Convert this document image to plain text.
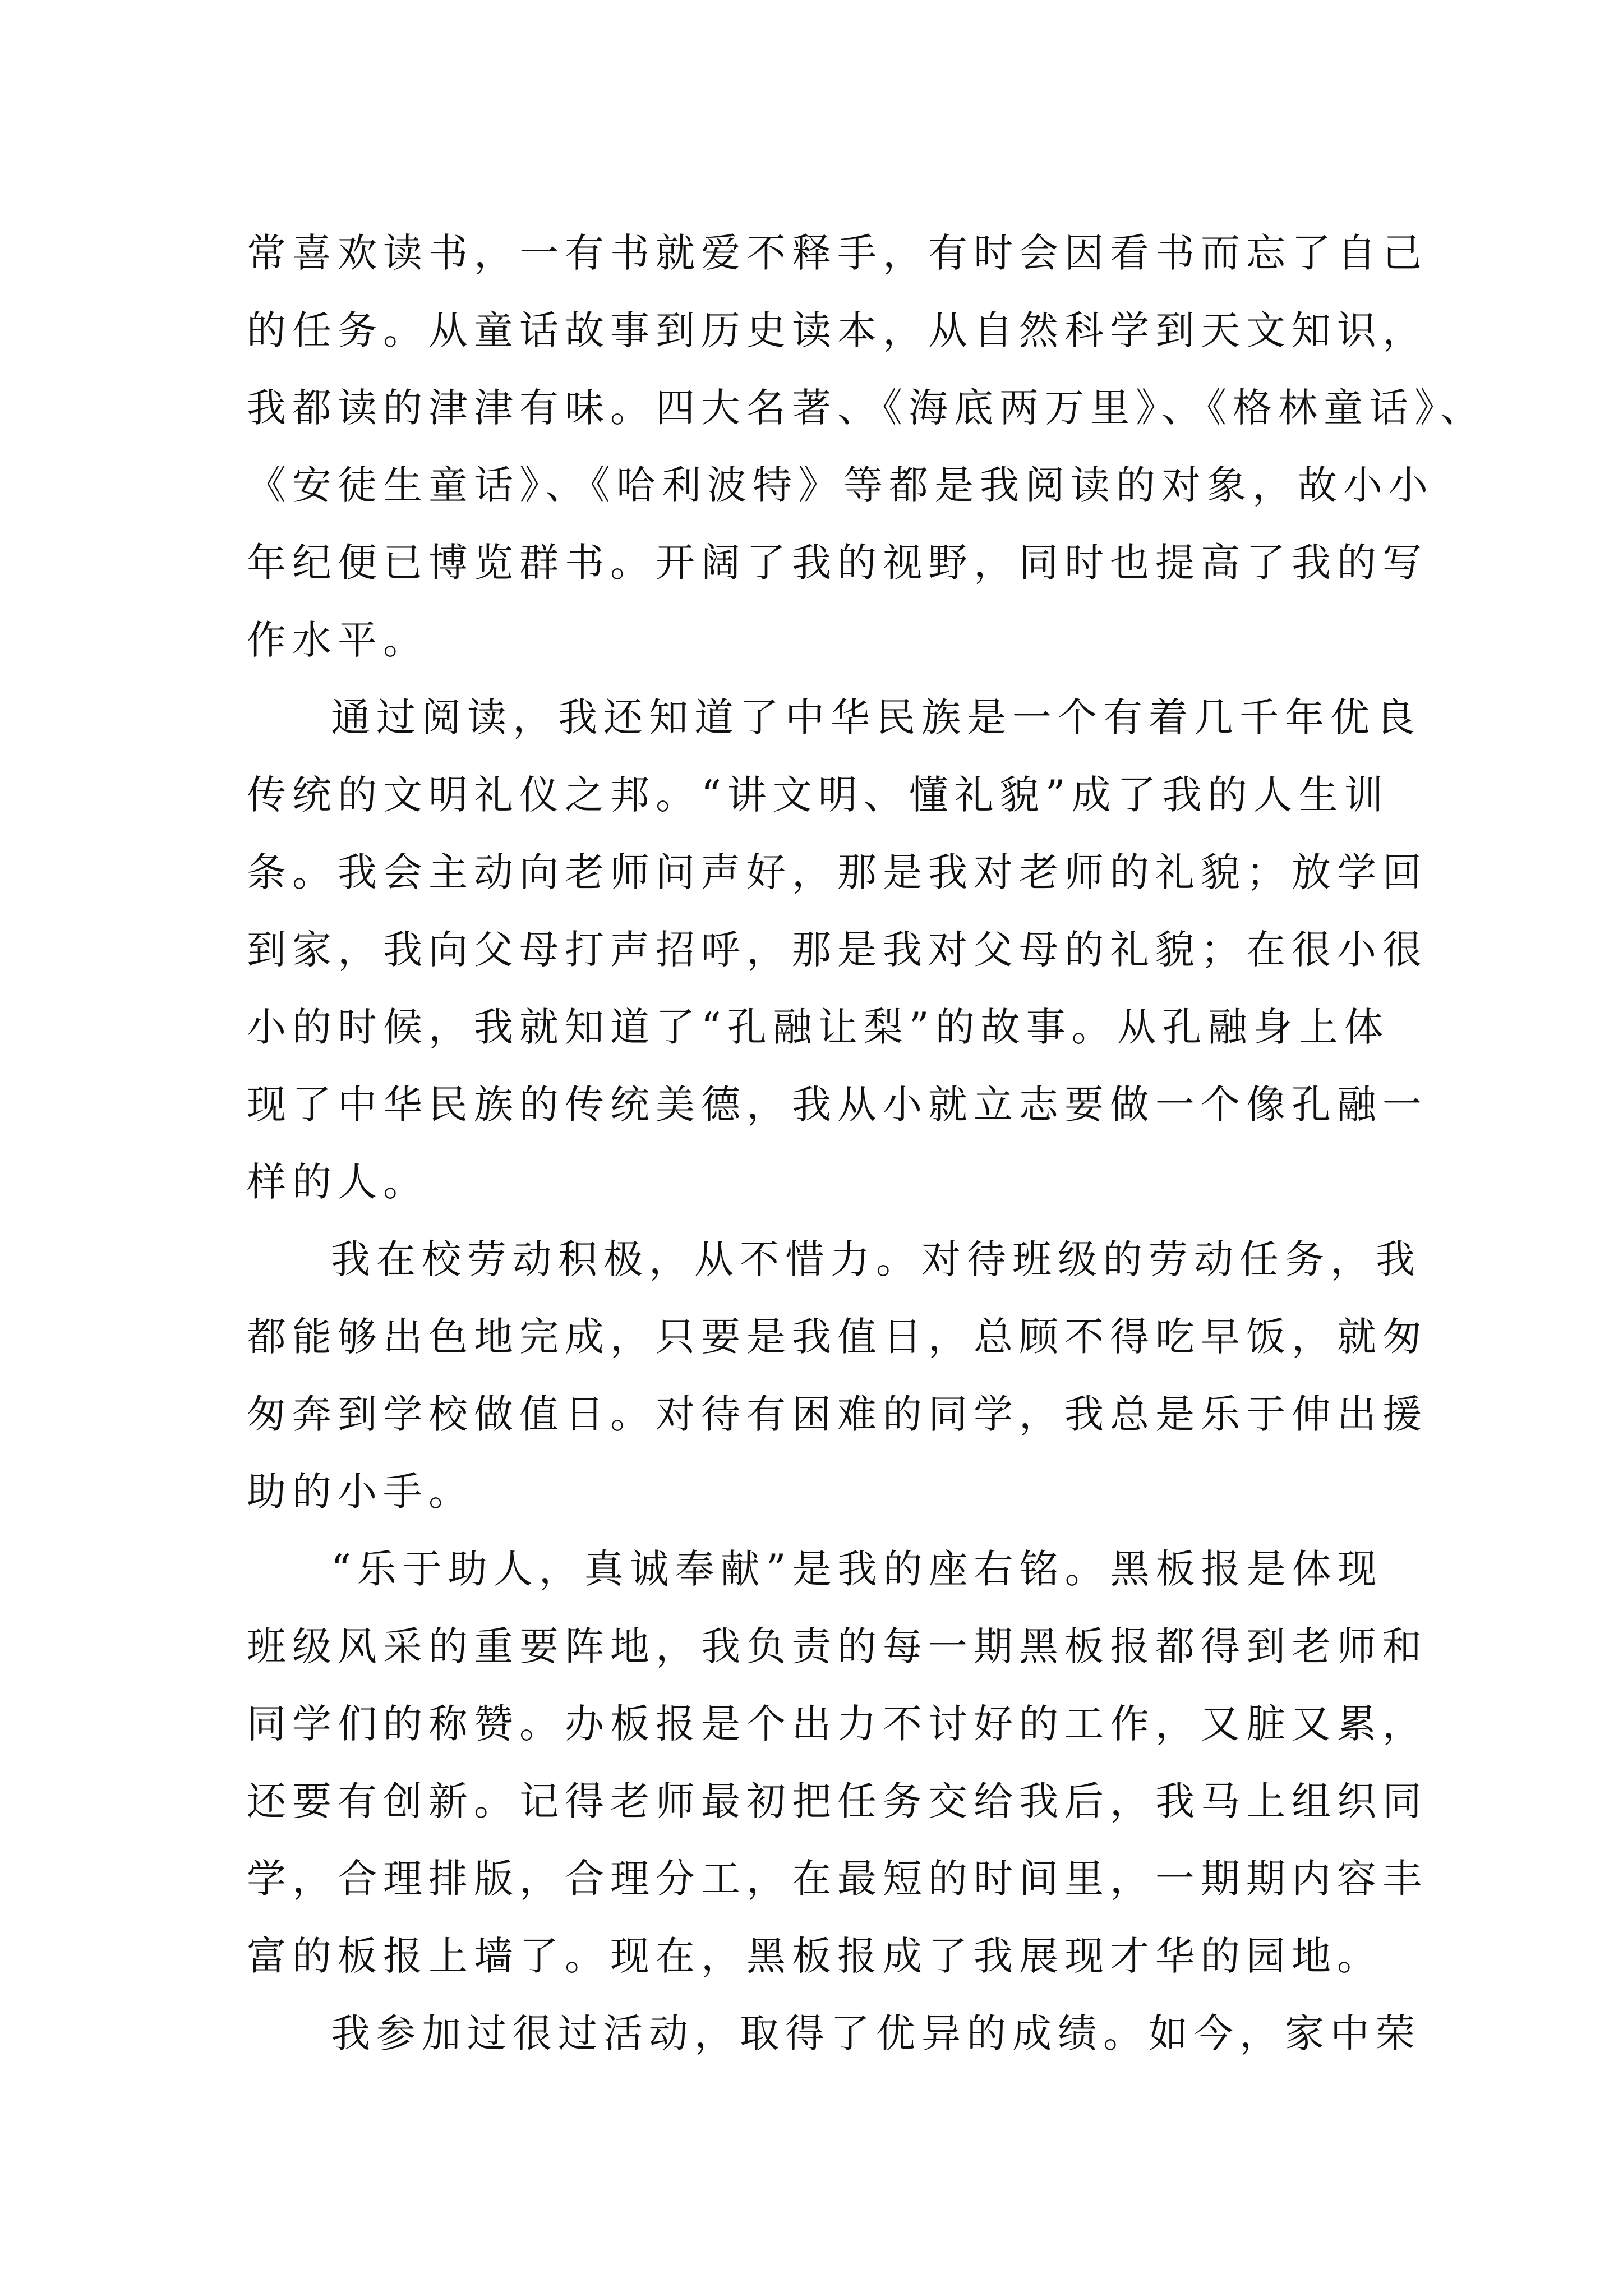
常喜欢读书，一有书就爱不释手，有时会因看书而忘了自己
的任务。从童话故事到历史读本，从自然科学到天文知识，
我都读的津津有味。四大名著、《海底两万里》、《格林童话》、
《安徒生童话》、《哈利波特》等都是我阅读的对象，故小小
年纪便已博览群书。开阔了我的视野，同时也提高了我的写
作水平。
通过阅读，我还知道了中华民族是一个有着几千年优良
传统的文明礼仪之邦。“讲文明、懂礼貌”成了我的人生训
条。我会主动向老师问声好，那是我对老师的礼貌；放学回
到家，我向父母打声招呼，那是我对父母的礼貌；在很小很
小的时候，我就知道了“孔融让梨”的故事。从孔融身上体
现了中华民族的传统美德，我从小就立志要做一个像孔融一
样的人。
我在校劳动积极，从不惜力。对待班级的劳动任务，我
都能够出色地完成，只要是我值日，总顾不得吃早饭，就匆
匆奔到学校做值日。对待有困难的同学，我总是乐于伸出援
助的小手。
“乐于助人，真诚奉献”是我的座右铭。黑板报是体现
班级风采的重要阵地，我负责的每一期黑板报都得到老师和
同学们的称赞。办板报是个出力不讨好的工作，又脏又累，
还要有创新。记得老师最初把任务交给我后，我马上组织同
学，合理排版，合理分工，在最短的时间里，一期期内容丰
富的板报上墙了。现在，黑板报成了我展现才华的园地。
我参加过很过活动，取得了优异的成绩。如今，家中荣
